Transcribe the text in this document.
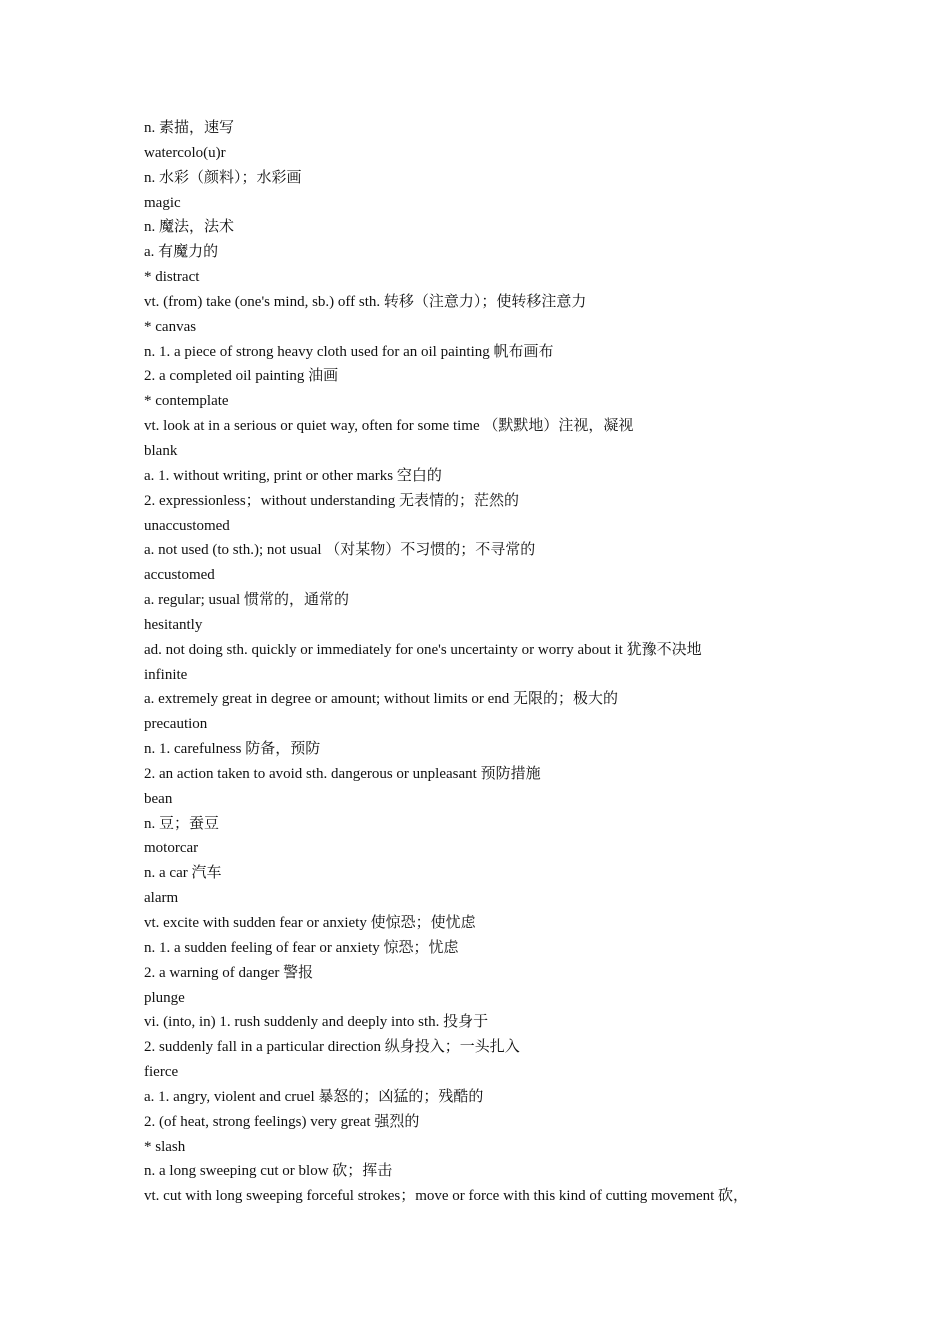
n. 素描，速写
watercolo(u)r
n. 水彩（颜料）；水彩画
magic
n. 魔法，法术
a. 有魔力的
* distract
vt. (from) take (one's mind, sb.) off sth. 转移（注意力）；使转移注意力
* canvas
n. 1. a piece of strong heavy cloth used for an oil painting 帆布画布
2. a completed oil painting 油画
* contemplate
vt. look at in a serious or quiet way, often for some time （默默地）注视，凝视
blank
a. 1. without writing, print or other marks 空白的
2. expressionless；without understanding 无表情的；茫然的
unaccustomed
a. not used (to sth.); not usual （对某物）不习惯的；不寻常的
accustomed
a. regular; usual 惯常的，通常的
hesitantly
ad. not doing sth. quickly or immediately for one's uncertainty or worry about it 犹豫不决地
infinite
a. extremely great in degree or amount; without limits or end 无限的；极大的
precaution
n. 1. carefulness 防备，预防
2. an action taken to avoid sth. dangerous or unpleasant 预防措施
bean
n. 豆；蚕豆
motorcar
n. a car 汽车
alarm
vt. excite with sudden fear or anxiety 使惊恐；使忧虑
n. 1. a sudden feeling of fear or anxiety 惊恐；忧虑
2. a warning of danger 警报
plunge
vi. (into, in) 1. rush suddenly and deeply into sth. 投身于
2. suddenly fall in a particular direction 纵身投入；一头扎入
fierce
a. 1. angry, violent and cruel 暴怒的；凶猛的；残酷的
2. (of heat, strong feelings) very great 强烈的
* slash
n. a long sweeping cut or blow 砍；挥击
vt. cut with long sweeping forceful strokes；move or force with this kind of cutting movement 砍，
